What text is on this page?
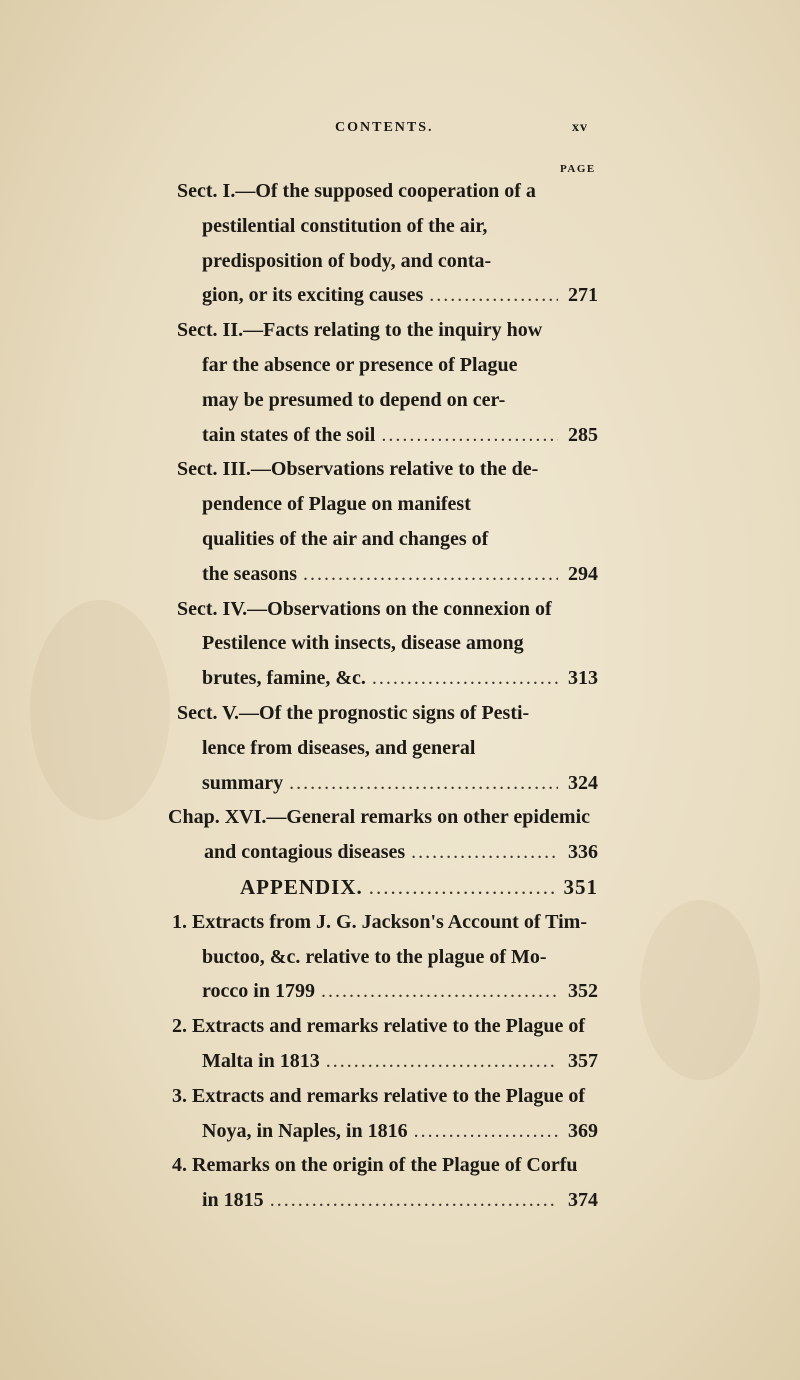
CONTENTS.	xv
PAGE
Sect. I.—Of the supposed cooperation of a
pestilential constitution of the air,
predisposition of body, and conta-
gion, or its exciting causes .....	271
Sect. II.—Facts relating to the inquiry how
far the absence or presence of Plague
may be presumed to depend on cer-
tain states of the soil .....	285
Sect. III.—Observations relative to the de-
pendence of Plague on manifest
qualities of the air and changes of
the seasons .....	294
Sect. IV.—Observations on the connexion of
Pestilence with insects, disease among
brutes, famine, &c. .....	313
Sect. V.—Of the prognostic signs of Pesti-
lence from diseases, and general
summary .....	324
Chap. XVI.—General remarks on other epidemic
and contagious diseases .....	336
APPENDIX. .....	351
1. Extracts from J. G. Jackson's Account of Tim-
buctoo, &c. relative to the plague of Mo-
rocco in 1799 .....	352
2. Extracts and remarks relative to the Plague of
Malta in 1813 .....	357
3. Extracts and remarks relative to the Plague of
Noya, in Naples, in 1816 .....	369
4. Remarks on the origin of the Plague of Corfu
in 1815 .....	374
